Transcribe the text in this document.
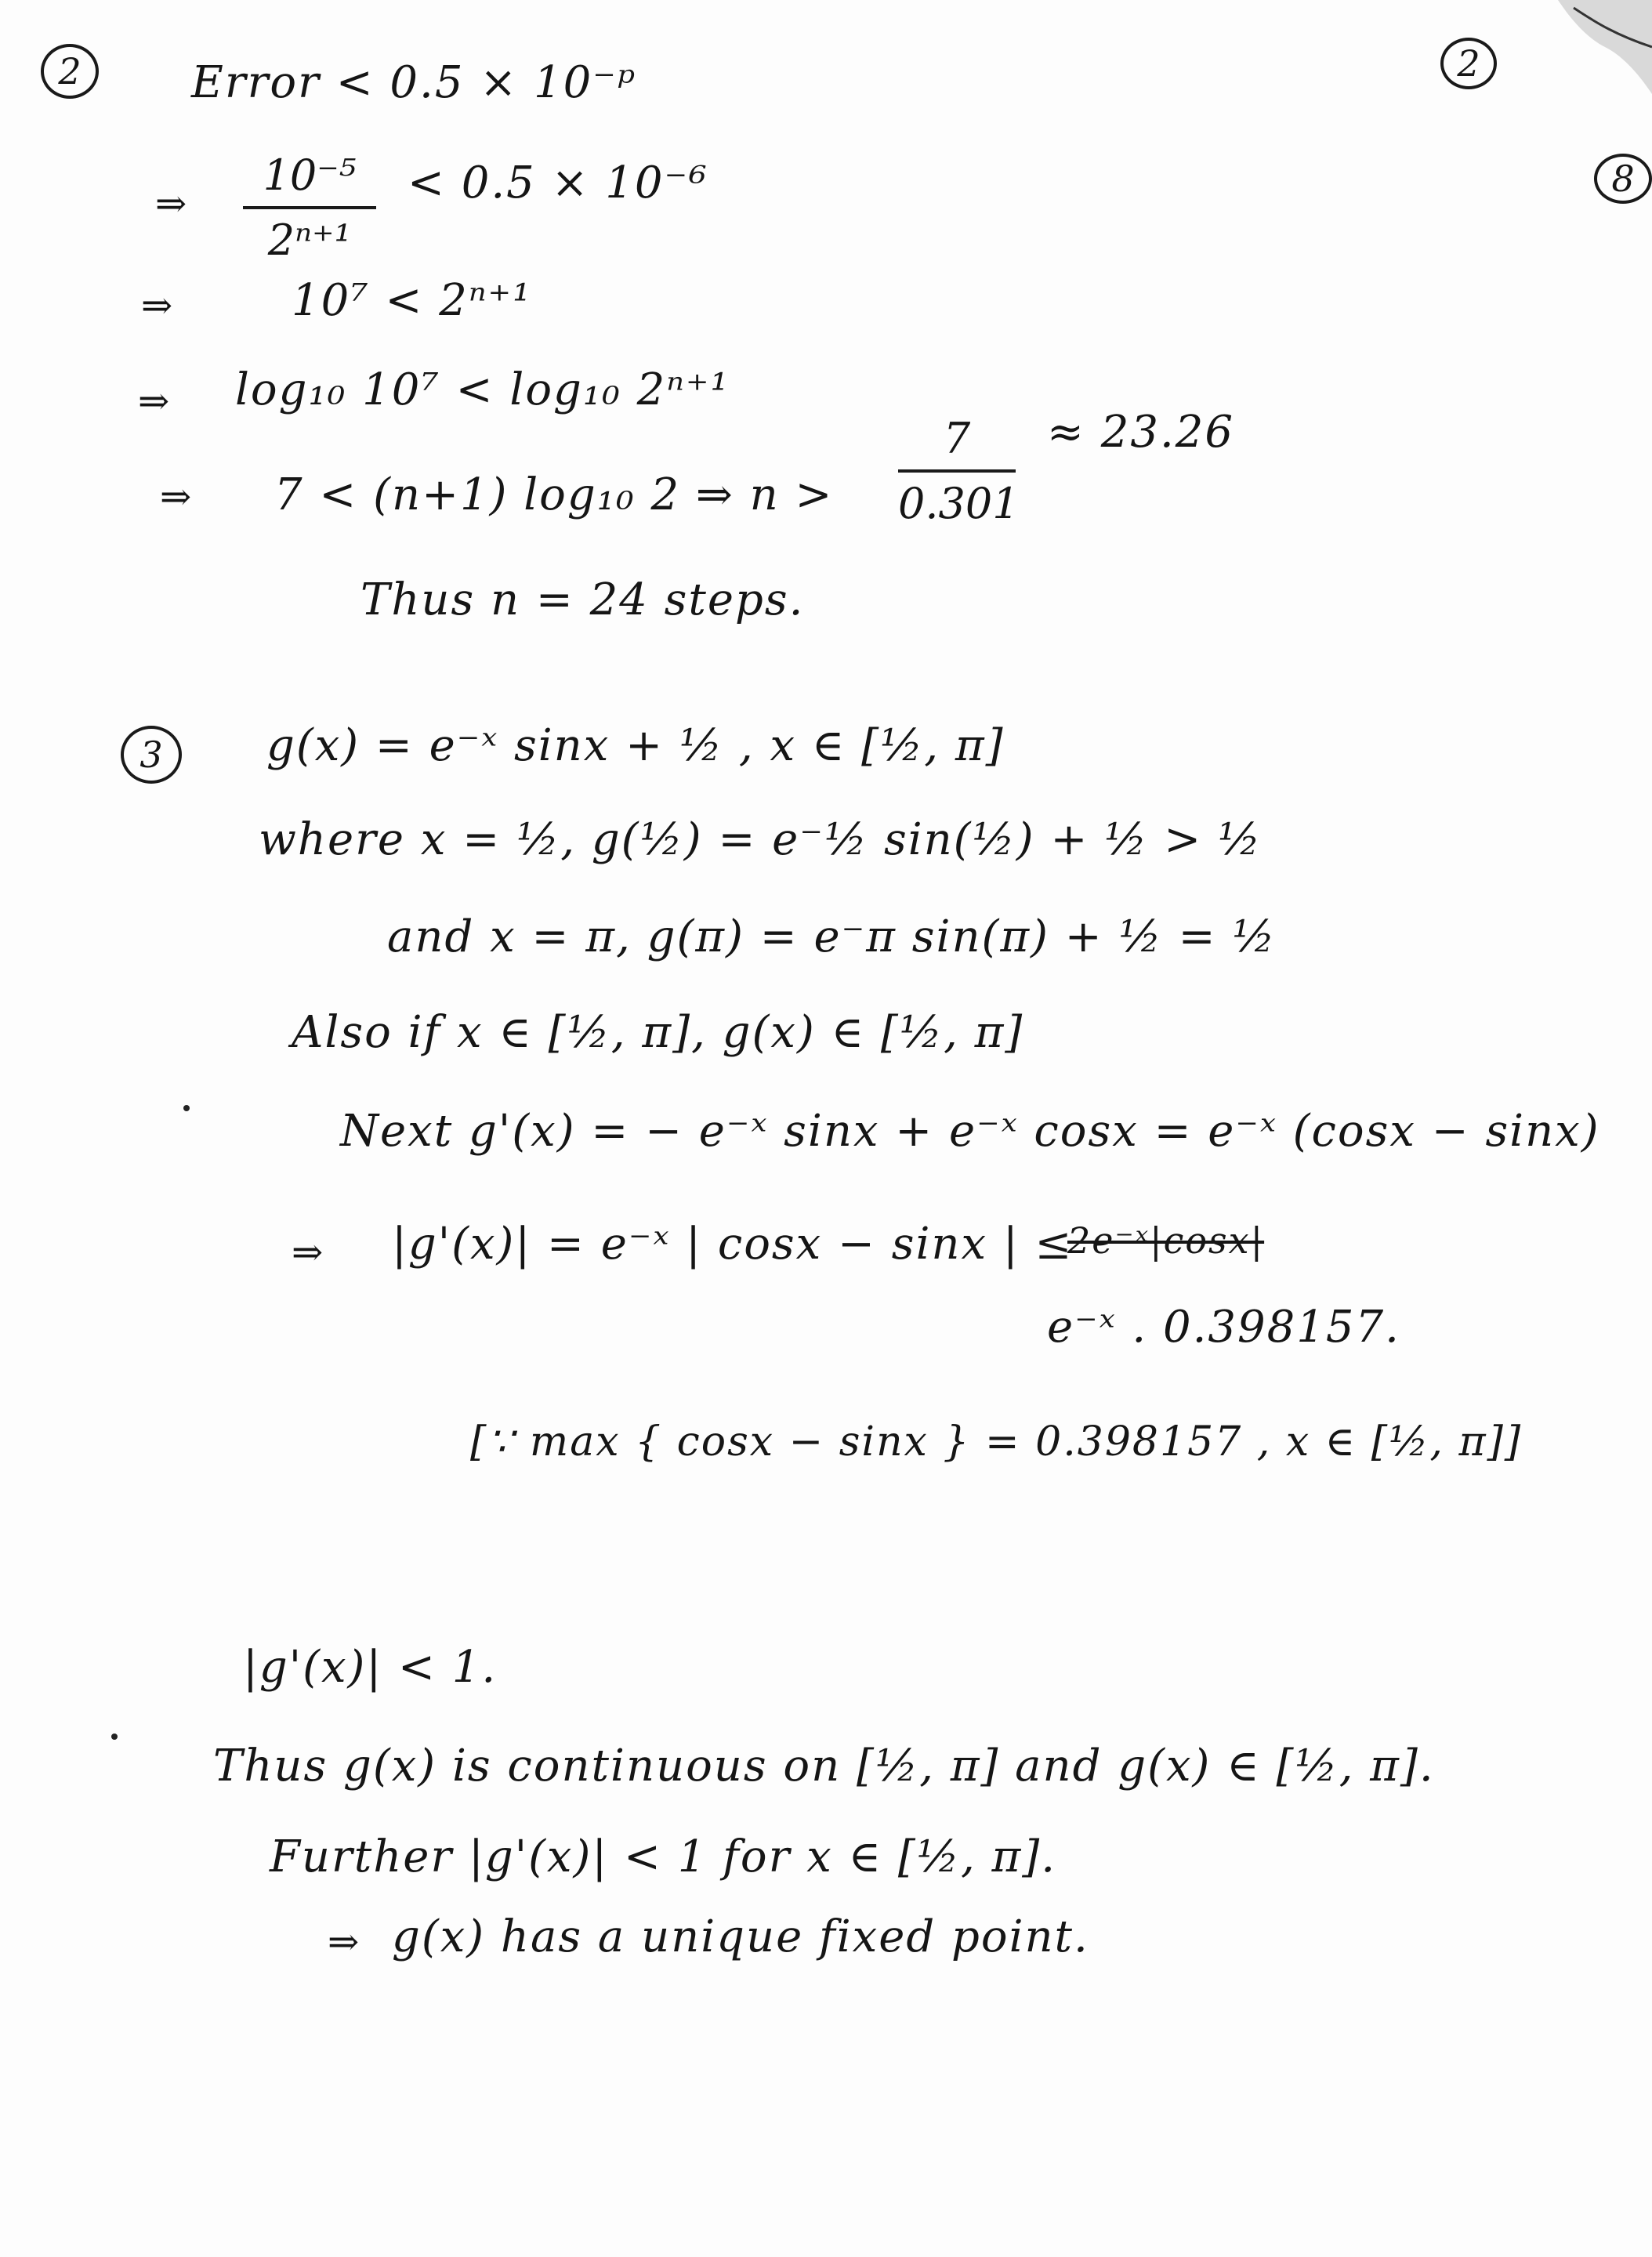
2	2
8
Error < 0.5 × 10⁻ᵖ
⇒
10⁻⁵
2ⁿ⁺¹
< 0.5 × 10⁻⁶
⇒	10⁷ < 2ⁿ⁺¹
⇒ log₁₀ 10⁷ < log₁₀ 2ⁿ⁺¹
⇒ 7 < (n+1) log₁₀ 2 ⇒ n >
7
0.301
≈ 23.26
Thus n = 24 steps.
3	g(x) = e⁻ˣ sinx + ½ , x ∈ [½, π]
where x = ½, g(½) = e⁻½ sin(½) + ½ > ½
and x = π, g(π) = e⁻π sin(π) + ½ = ½
Also if x ∈ [½, π], g(x) ∈ [½, π]
Next g'(x) = − e⁻ˣ sinx + e⁻ˣ cosx = e⁻ˣ (cosx − sinx)
⇒ |g'(x)| = e⁻ˣ | cosx − sinx | ≤
2e⁻ˣ|cosx|
e⁻ˣ . 0.398157.
[∵ max { cosx − sinx } = 0.398157 , x ∈ [½, π]]
|g'(x)| < 1.
Thus g(x) is continuous on [½, π] and g(x) ∈ [½, π].
Further |g'(x)| < 1 for x ∈ [½, π].
⇒ g(x) has a unique fixed point.
